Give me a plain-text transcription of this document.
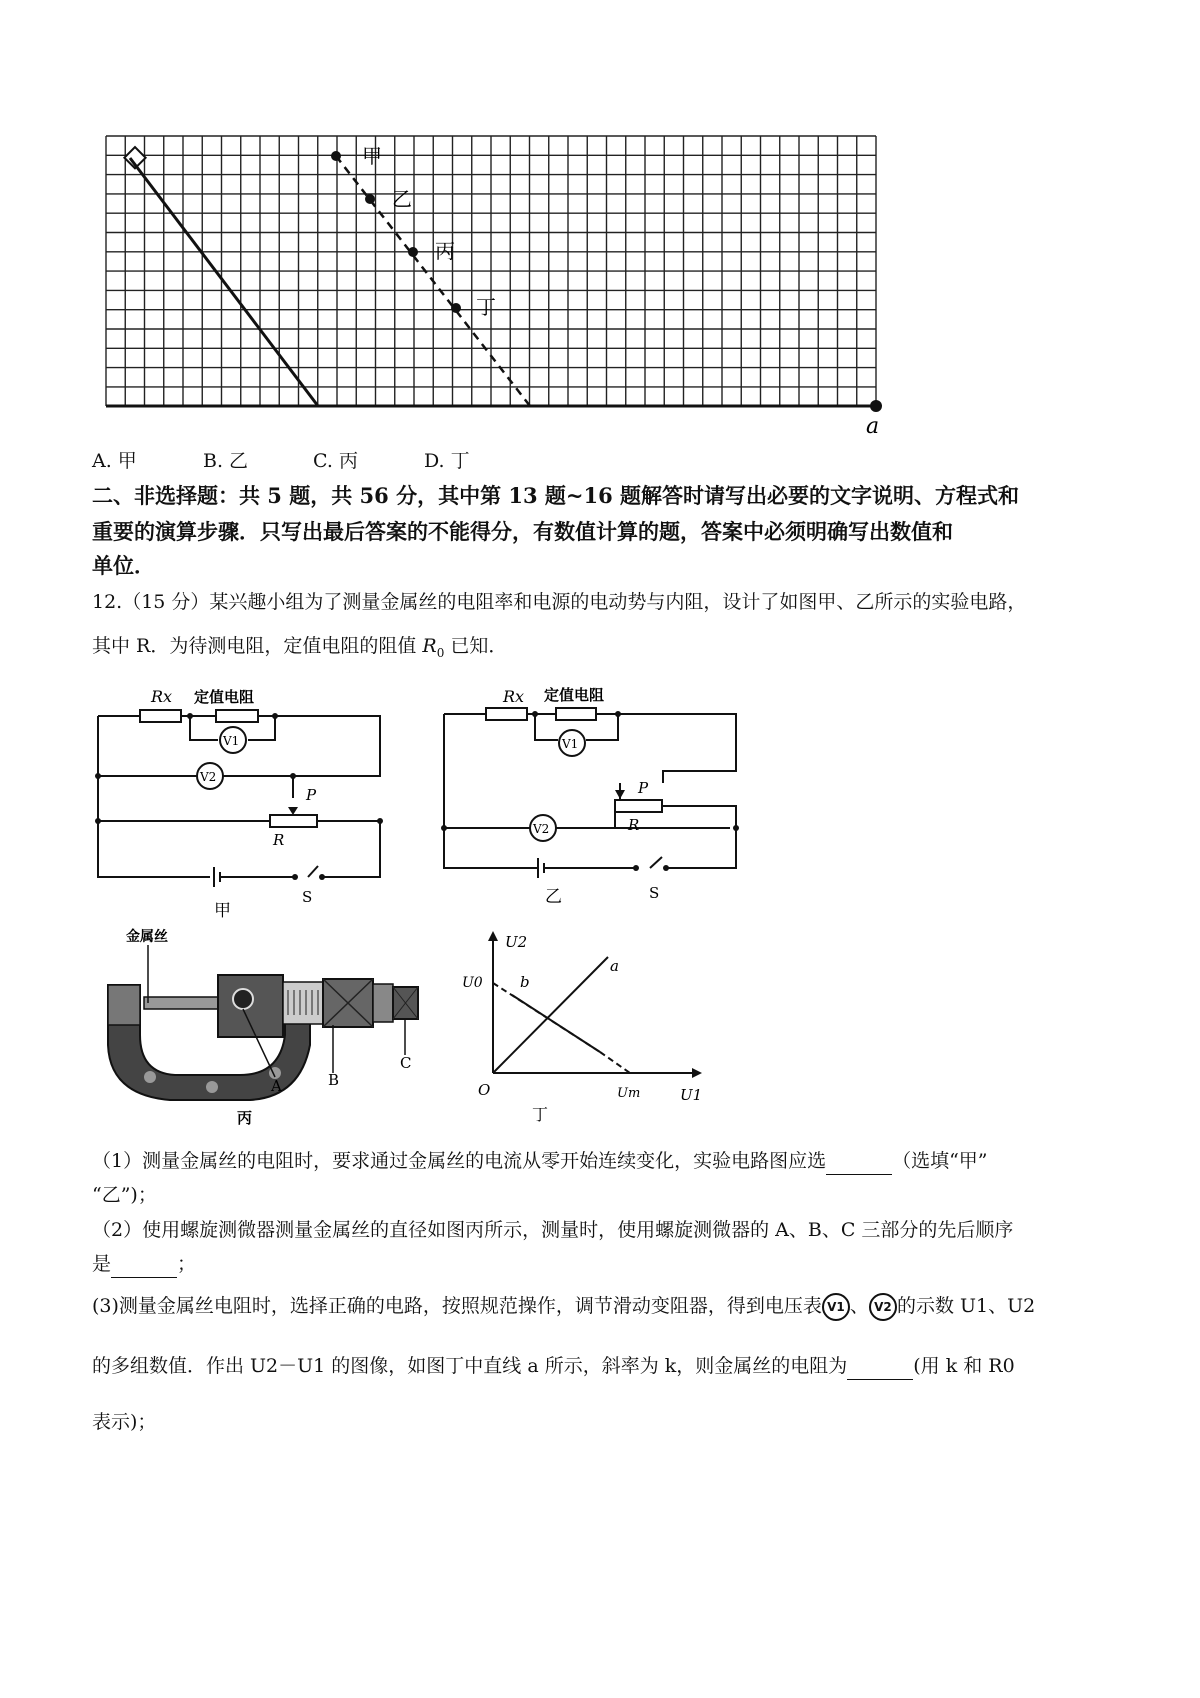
甲
乙
丙
丁
a
A. 甲	B. 乙	C. 丙	D. 丁
二、非选择题：共 5 题，共 56 分，其中第 13 题~16 题解答时请写出必要的文字说明、方程式和
重要的演算步骤．只写出最后答案的不能得分，有数值计算的题，答案中必须明确写出数值和
单位．
12.（15 分）某兴趣小组为了测量金属丝的电阻率和电源的电动势与内阻，设计了如图甲、乙所示的实验电路，
其中 R．为待测电阻，定值电阻的阻值 $R_0$ 已知．
Rx 定值电阻
V1
V2
P
R
S
甲
Rx 定值电阻
V1
V2
P
R
S
乙
金属丝
A	B
C
丙
U2
U0 b
a
O	Um	U1
丁
（1）测量金属丝的电阻时，要求通过金属丝的电流从零开始连续变化，实验电路图应选	（选填“甲”
“乙”)；
（2）使用螺旋测微器测量金属丝的直径如图丙所示，测量时，使用螺旋测微器的 A、B、C 三部分的先后顺序
是	；
(3)测量金属丝电阻时，选择正确的电路，按照规范操作，调节滑动变阻器，得到电压表 V1 、 V2 的示数 U1、U2
的多组数值．作出 U2－U1 的图像，如图丁中直线 a 所示，斜率为 k，则金属丝的电阻为	(用 k 和 R0
表示)；
